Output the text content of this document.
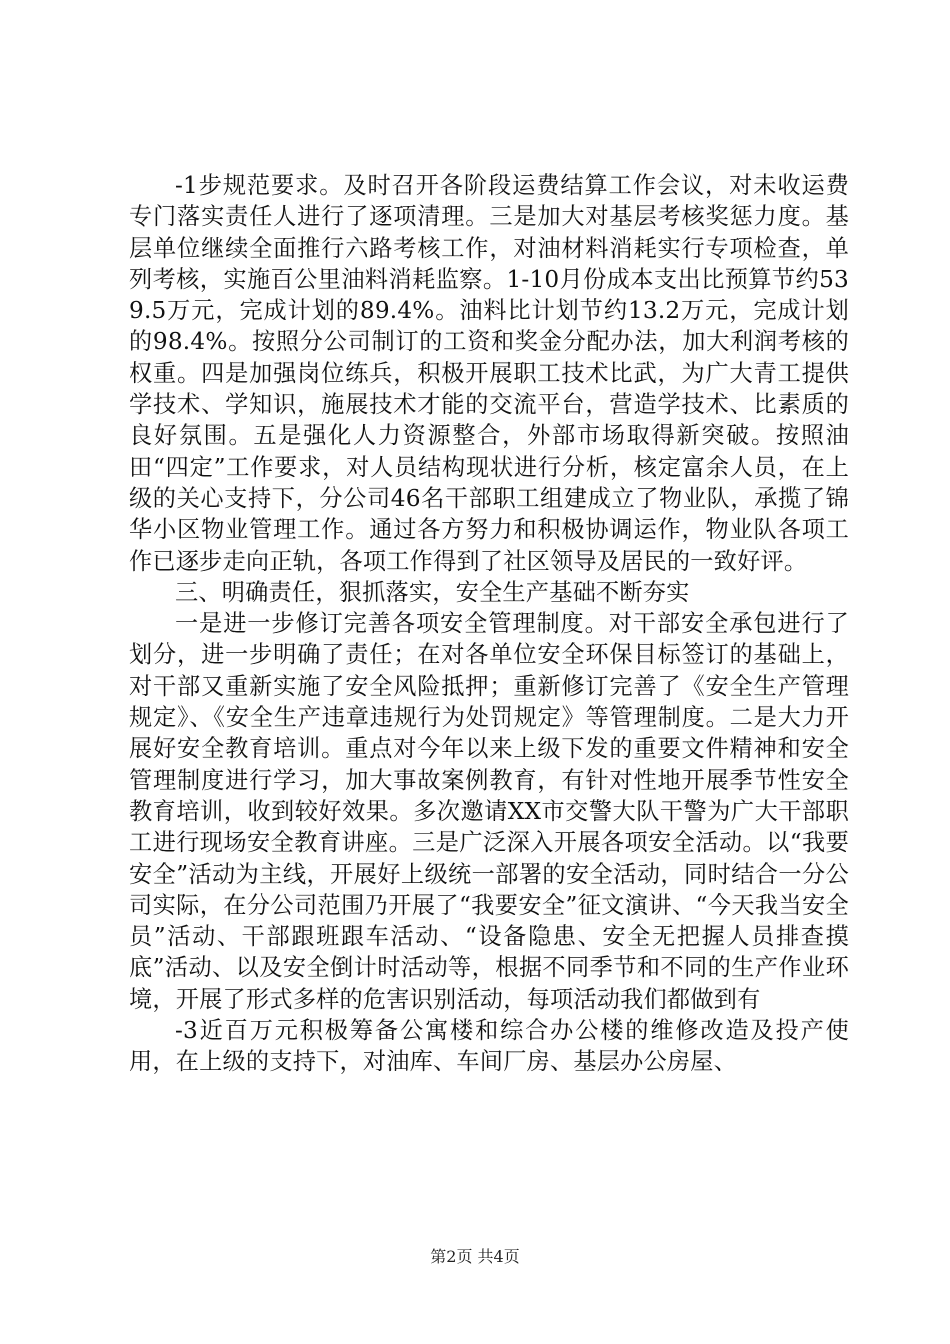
-1步规范要求。及时召开各阶段运费结算工作会议，对未收运费专门落实责任人进行了逐项清理。三是加大对基层考核奖惩力度。基层单位继续全面推行六路考核工作，对油材料消耗实行专项检查，单列考核，实施百公里油料消耗监察。1-10月份成本支出比预算节约539.5万元，完成计划的89.4%。油料比计划节约13.2万元，完成计划的98.4%。按照分公司制订的工资和奖金分配办法，加大利润考核的权重。四是加强岗位练兵，积极开展职工技术比武，为广大青工提供学技术、学知识，施展技术才能的交流平台，营造学技术、比素质的良好氛围。五是强化人力资源整合，外部市场取得新突破。按照油田“四定”工作要求，对人员结构现状进行分析，核定富余人员，在上级的关心支持下，分公司46名干部职工组建成立了物业队，承揽了锦华小区物业管理工作。通过各方努力和积极协调运作，物业队各项工作已逐步走向正轨，各项工作得到了社区领导及居民的一致好评。

三、明确责任，狠抓落实，安全生产基础不断夯实

一是进一步修订完善各项安全管理制度。对干部安全承包进行了划分，进一步明确了责任；在对各单位安全环保目标签订的基础上，对干部又重新实施了安全风险抵押；重新修订完善了《安全生产管理规定》、《安全生产违章违规行为处罚规定》等管理制度。二是大力开展好安全教育培训。重点对今年以来上级下发的重要文件精神和安全管理制度进行学习，加大事故案例教育，有针对性地开展季节性安全教育培训，收到较好效果。多次邀请XX市交警大队干警为广大干部职工进行现场安全教育讲座。三是广泛深入开展各项安全活动。以“我要安全”活动为主线，开展好上级统一部署的安全活动，同时结合一分公司实际，在分公司范围乃开展了“我要安全”征文演讲、“今天我当安全员”活动、干部跟班跟车活动、“设备隐患、安全无把握人员排查摸底”活动、以及安全倒计时活动等，根据不同季节和不同的生产作业环境，开展了形式多样的危害识别活动，每项活动我们都做到有

-3近百万元积极筹备公寓楼和综合办公楼的维修改造及投产使用，在上级的支持下，对油库、车间厂房、基层办公房屋、

第2页 共4页
